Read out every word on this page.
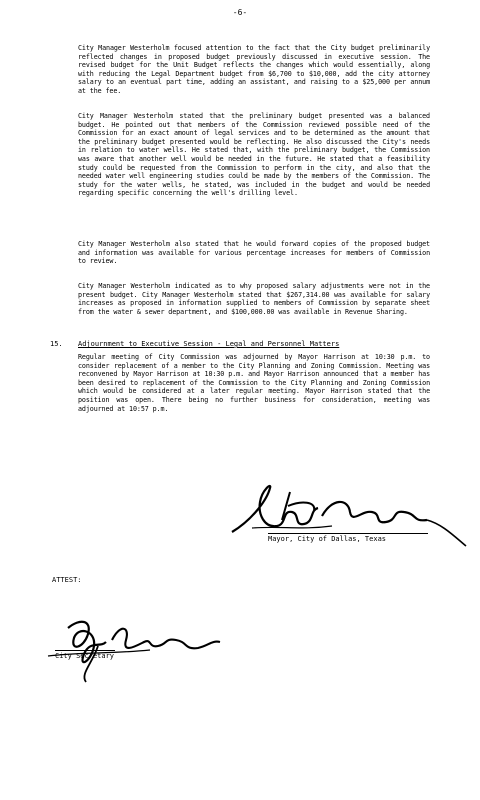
-6-

City Manager Westerholm focused attention to the fact that the City budget preliminarily reflected changes in proposed budget previously discussed in executive session. The revised budget for the Unit Budget reflects the changes which would essentially, along with reducing the Legal Department budget from $6,700 to $10,000, add the city attorney salary to an eventual part time, adding an assistant, and raising to a $25,000 per annum at the fee.

City Manager Westerholm stated that the preliminary budget presented was a balanced budget. He pointed out that members of the Commission reviewed possible need of the Commission for an exact amount of legal services and to be determined as the amount that the preliminary budget presented would be reflecting. He also discussed the City's needs in relation to water wells. He stated that, with the preliminary budget, the Commission was aware that another well would be needed in the future. He stated that a feasibility study could be requested from the Commission to perform in the city, and also that the needed water well engineering studies could be made by the members of the Commission. The study for the water wells, he stated, was included in the budget and would be needed regarding specific concerning the well's drilling level.

City Manager Westerholm also stated that he would forward copies of the proposed budget and information was available for various percentage increases for members of Commission to review.

City Manager Westerholm indicated as to why proposed salary adjustments were not in the present budget. City Manager Westerholm stated that $267,314.00 was available for salary increases as proposed in information supplied to members of Commission by separate sheet from the water & sewer department, and $100,000.00 was available in Revenue Sharing.

15. Adjournment to Executive Session - Legal and Personnel Matters

Regular meeting of City Commission was adjourned by Mayor Harrison at 10:30 p.m. to consider replacement of a member to the City Planning and Zoning Commission. Meeting was reconvened by Mayor Harrison at 10:30 p.m. and Mayor Harrison announced that a member has been desired to replacement of the Commission to the City Planning and Zoning Commission which would be considered at a later regular meeting. Mayor Harrison stated that the position was open. There being no further business for consideration, meeting was adjourned at 10:57 p.m.

Mayor, City of Dallas, Texas
ATTEST:
City Secretary
